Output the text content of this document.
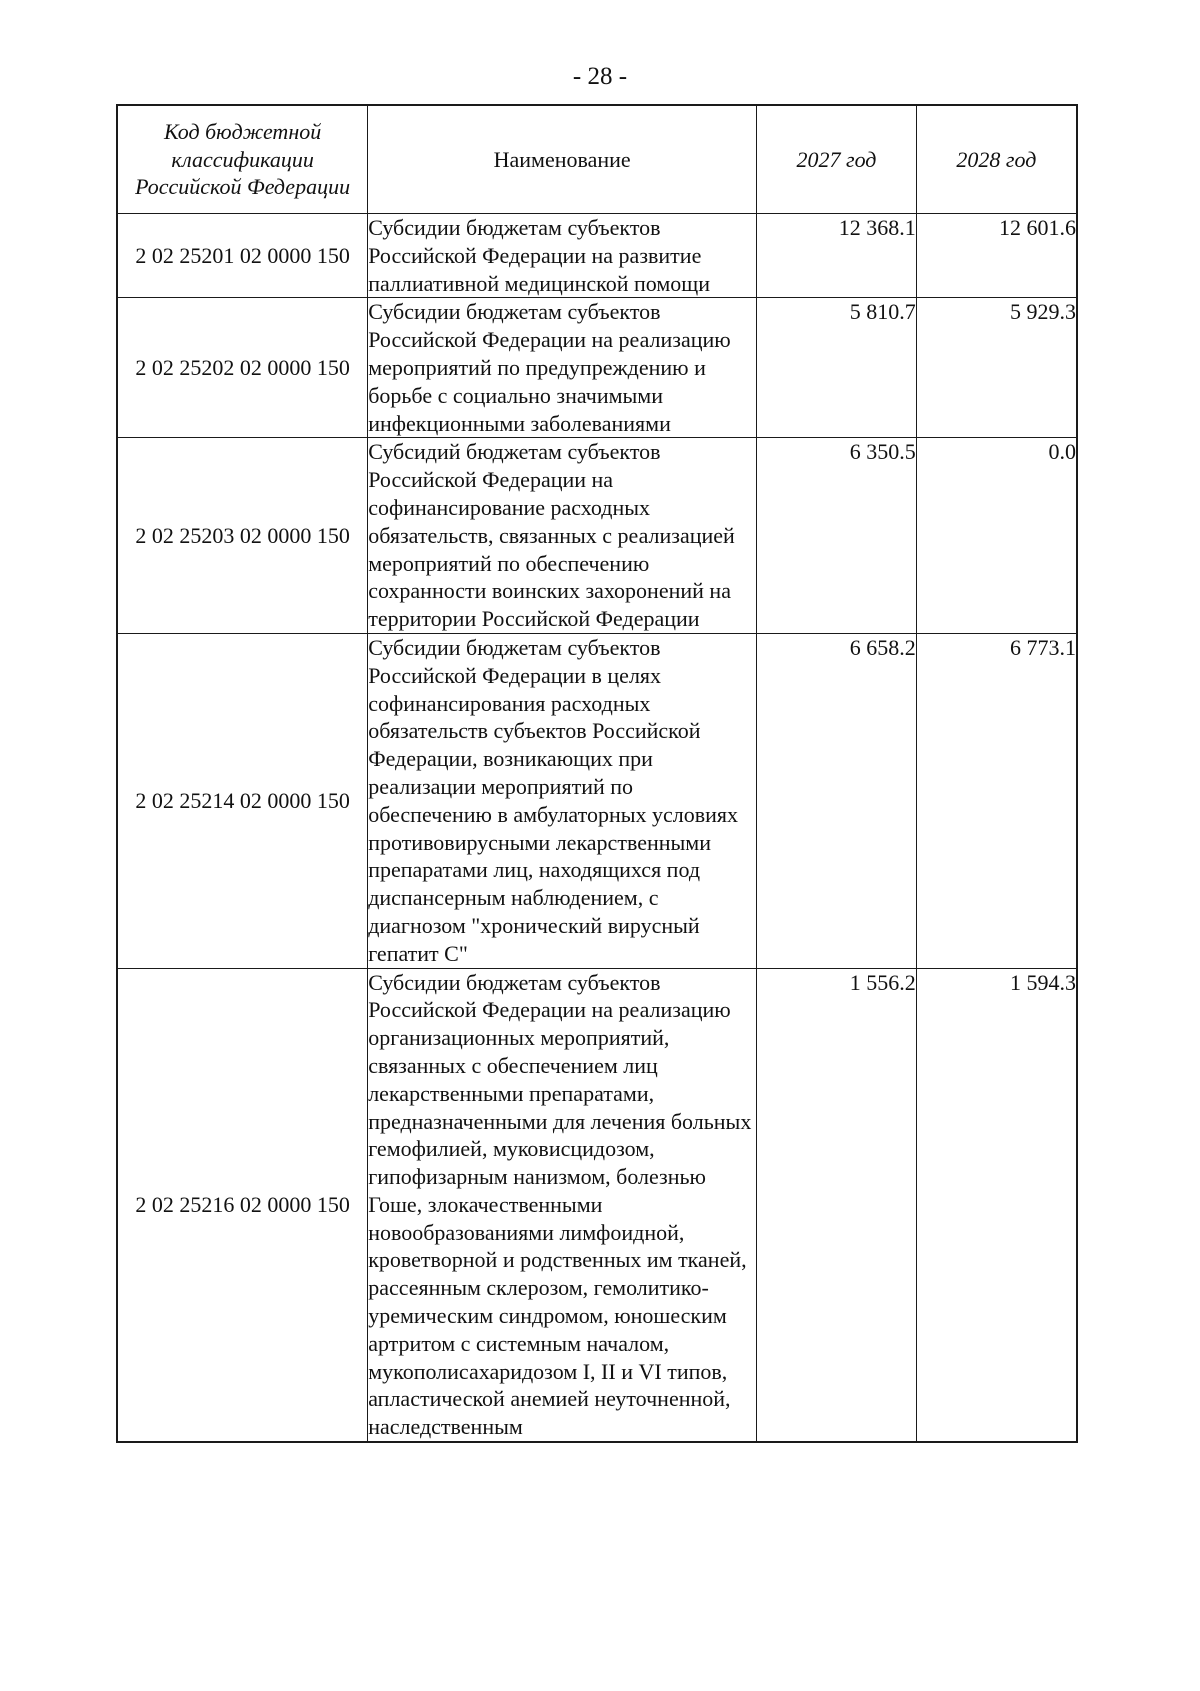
- 28 -
Код бюджетной классификации Российской Федерации	Наименование	2027 год	2028 год
2 02 25201 02 0000 150	Субсидии бюджетам субъектов Российской Федерации на развитие паллиативной медицинской помощи	12 368.1	12 601.6
2 02 25202 02 0000 150	Субсидии бюджетам субъектов Российской Федерации на реализацию мероприятий по предупреждению и борьбе с социально значимыми инфекционными заболеваниями	5 810.7	5 929.3
2 02 25203 02 0000 150	Субсидий бюджетам субъектов Российской Федерации на софинансирование расходных обязательств, связанных с реализацией мероприятий по обеспечению сохранности воинских захоронений на территории Российской Федерации	6 350.5	0.0
2 02 25214 02 0000 150	Субсидии бюджетам субъектов Российской Федерации в целях софинансирования расходных обязательств субъектов Российской Федерации, возникающих при реализации мероприятий по обеспечению в амбулаторных условиях противовирусными лекарственными препаратами лиц, находящихся под диспансерным наблюдением, с диагнозом "хронический вирусный гепатит C"	6 658.2	6 773.1
2 02 25216 02 0000 150	Субсидии бюджетам субъектов Российской Федерации на реализацию организационных мероприятий, связанных с обеспечением лиц лекарственными препаратами, предназначенными для лечения больных гемофилией, муковисцидозом, гипофизарным нанизмом, болезнью Гоше, злокачественными новообразованиями лимфоидной, кроветворной и родственных им тканей, рассеянным склерозом, гемолитико-уремическим синдромом, юношеским артритом с системным началом, мукополисахаридозом I, II и VI типов, апластической анемией неуточненной, наследственным	1 556.2	1 594.3
